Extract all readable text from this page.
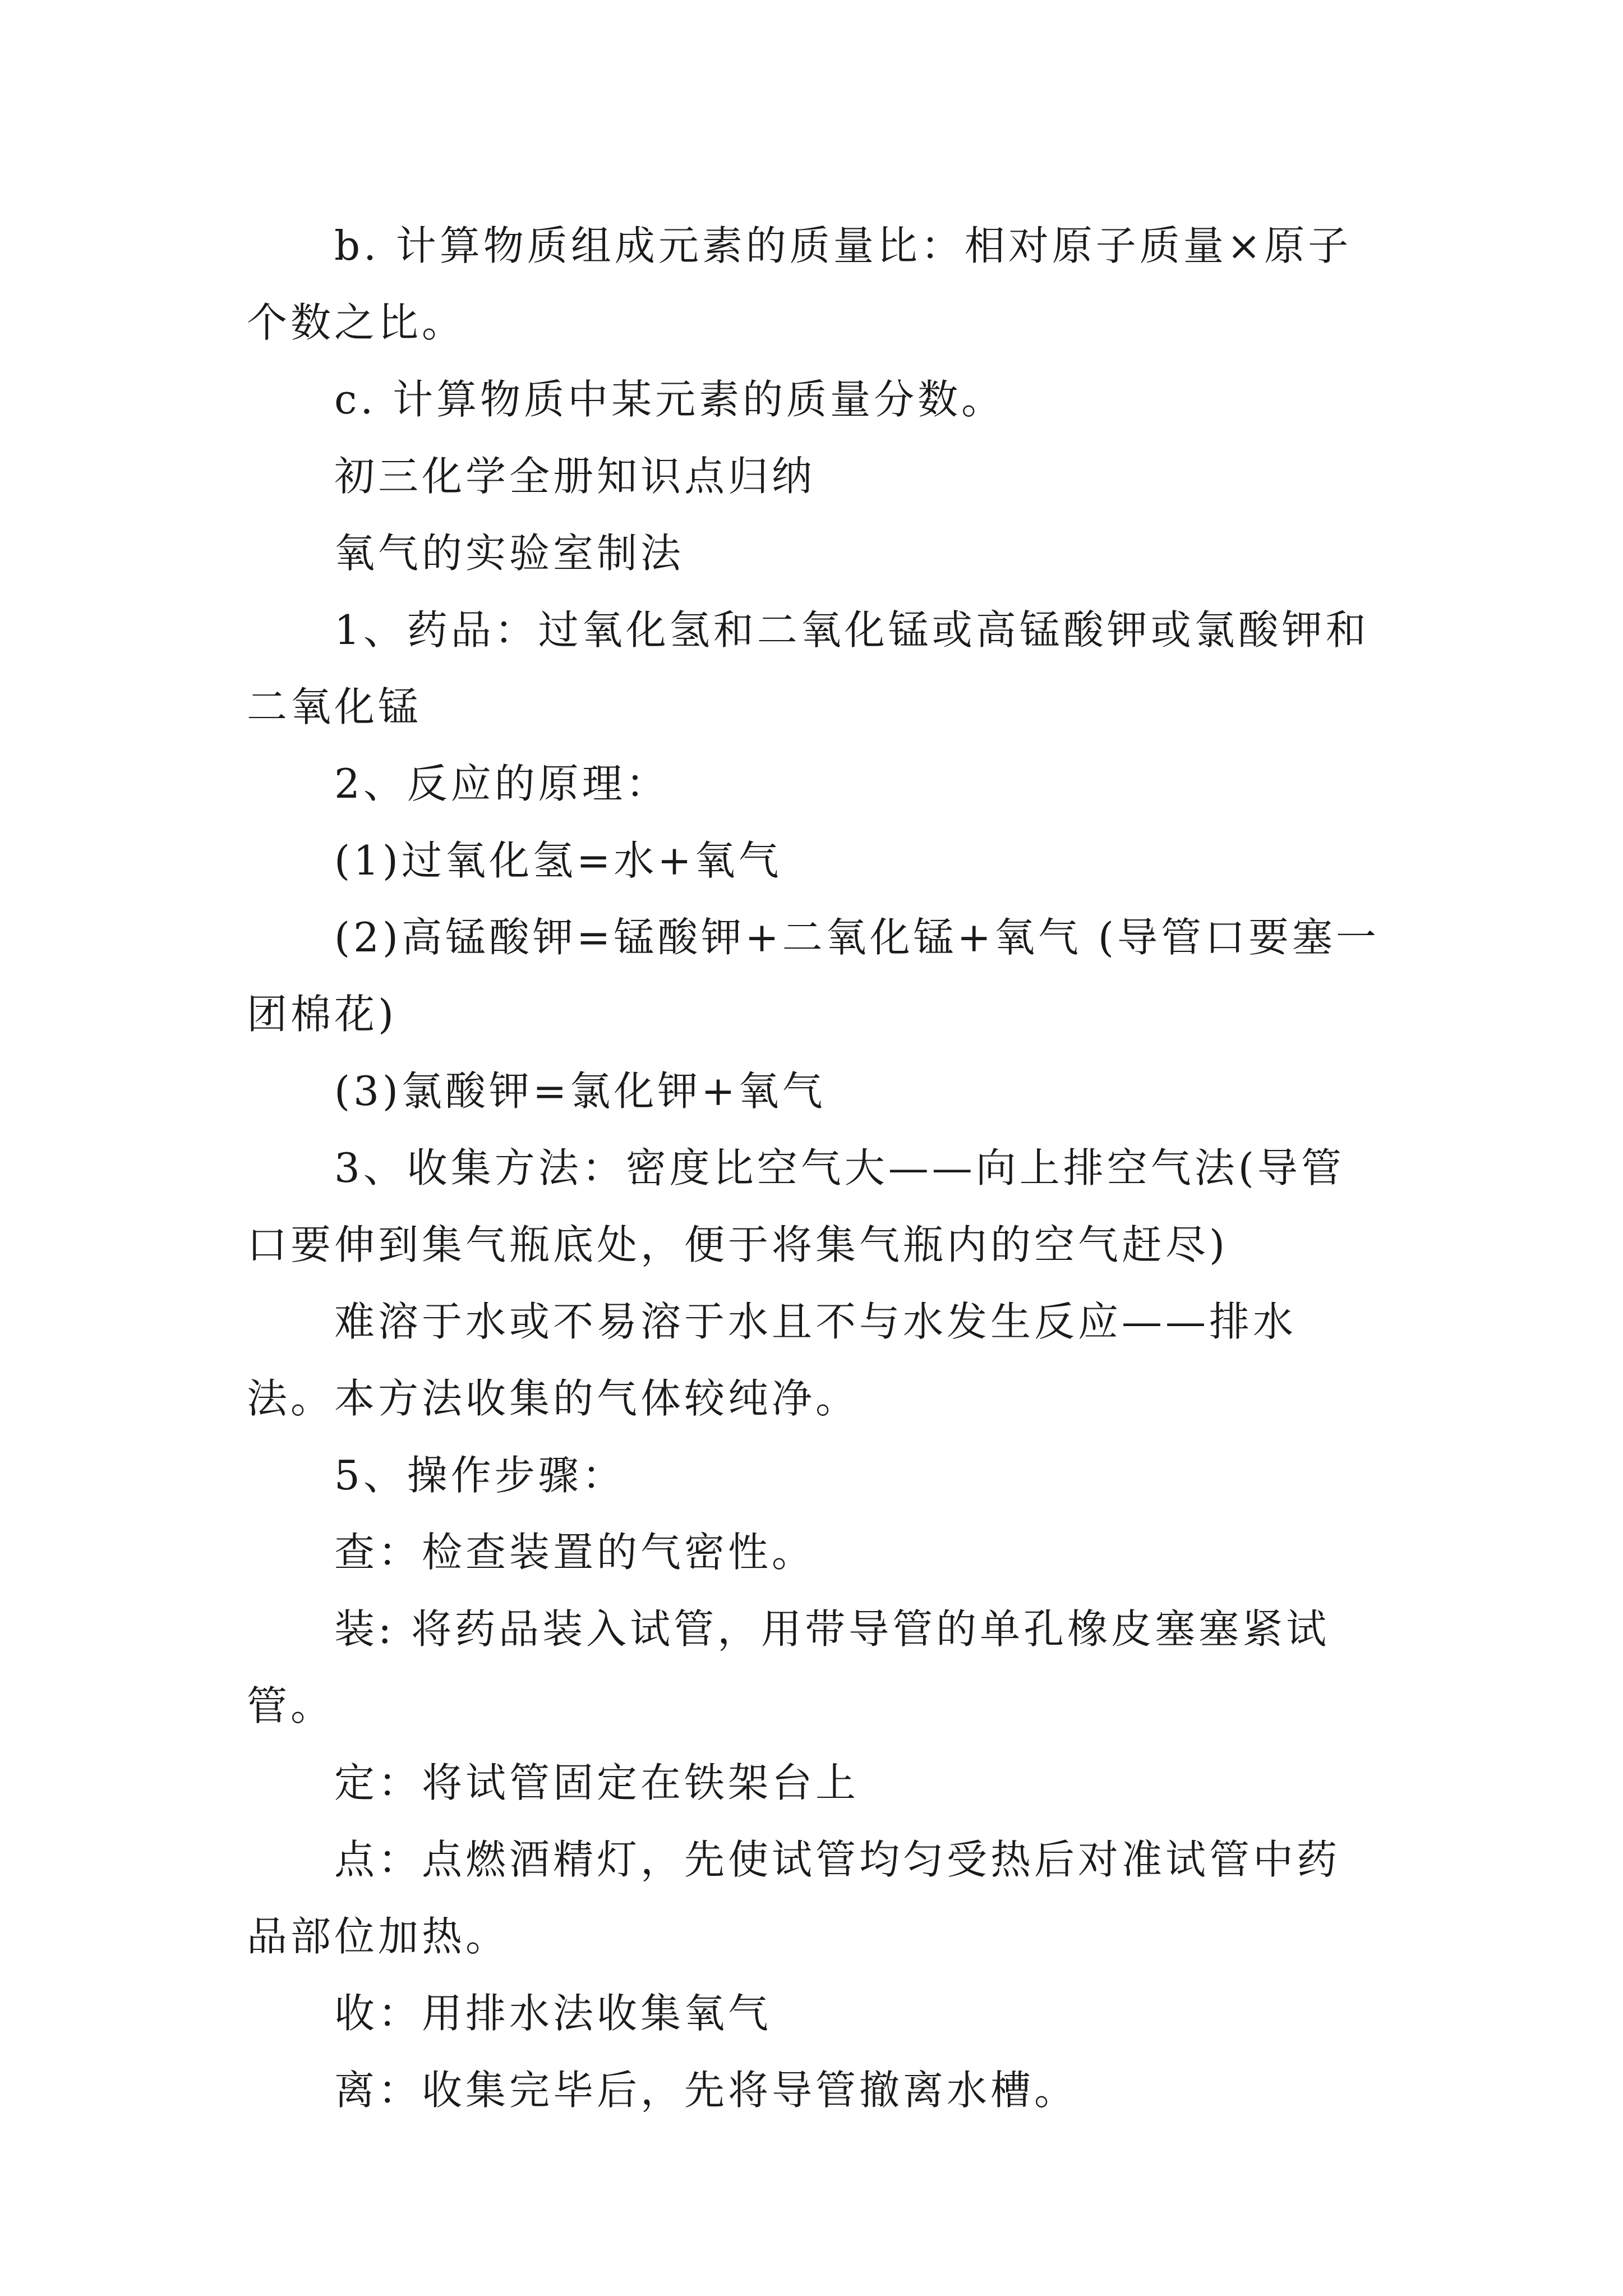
b. 计算物质组成元素的质量比：相对原子质量×原子个数之比。

c. 计算物质中某元素的质量分数。

初三化学全册知识点归纳

氧气的实验室制法

1、药品：过氧化氢和二氧化锰或高锰酸钾或氯酸钾和二氧化锰

2、反应的原理：

(1)过氧化氢=水+氧气

(2)高锰酸钾=锰酸钾+二氧化锰+氧气 (导管口要塞一团棉花)

(3)氯酸钾=氯化钾+氧气

3、收集方法：密度比空气大——向上排空气法(导管口要伸到集气瓶底处，便于将集气瓶内的空气赶尽)

难溶于水或不易溶于水且不与水发生反应——排水法。本方法收集的气体较纯净。

5、操作步骤：

查：检查装置的气密性。

装: 将药品装入试管，用带导管的单孔橡皮塞塞紧试管。

定：将试管固定在铁架台上

点：点燃酒精灯，先使试管均匀受热后对准试管中药品部位加热。

收：用排水法收集氧气

离：收集完毕后，先将导管撤离水槽。
